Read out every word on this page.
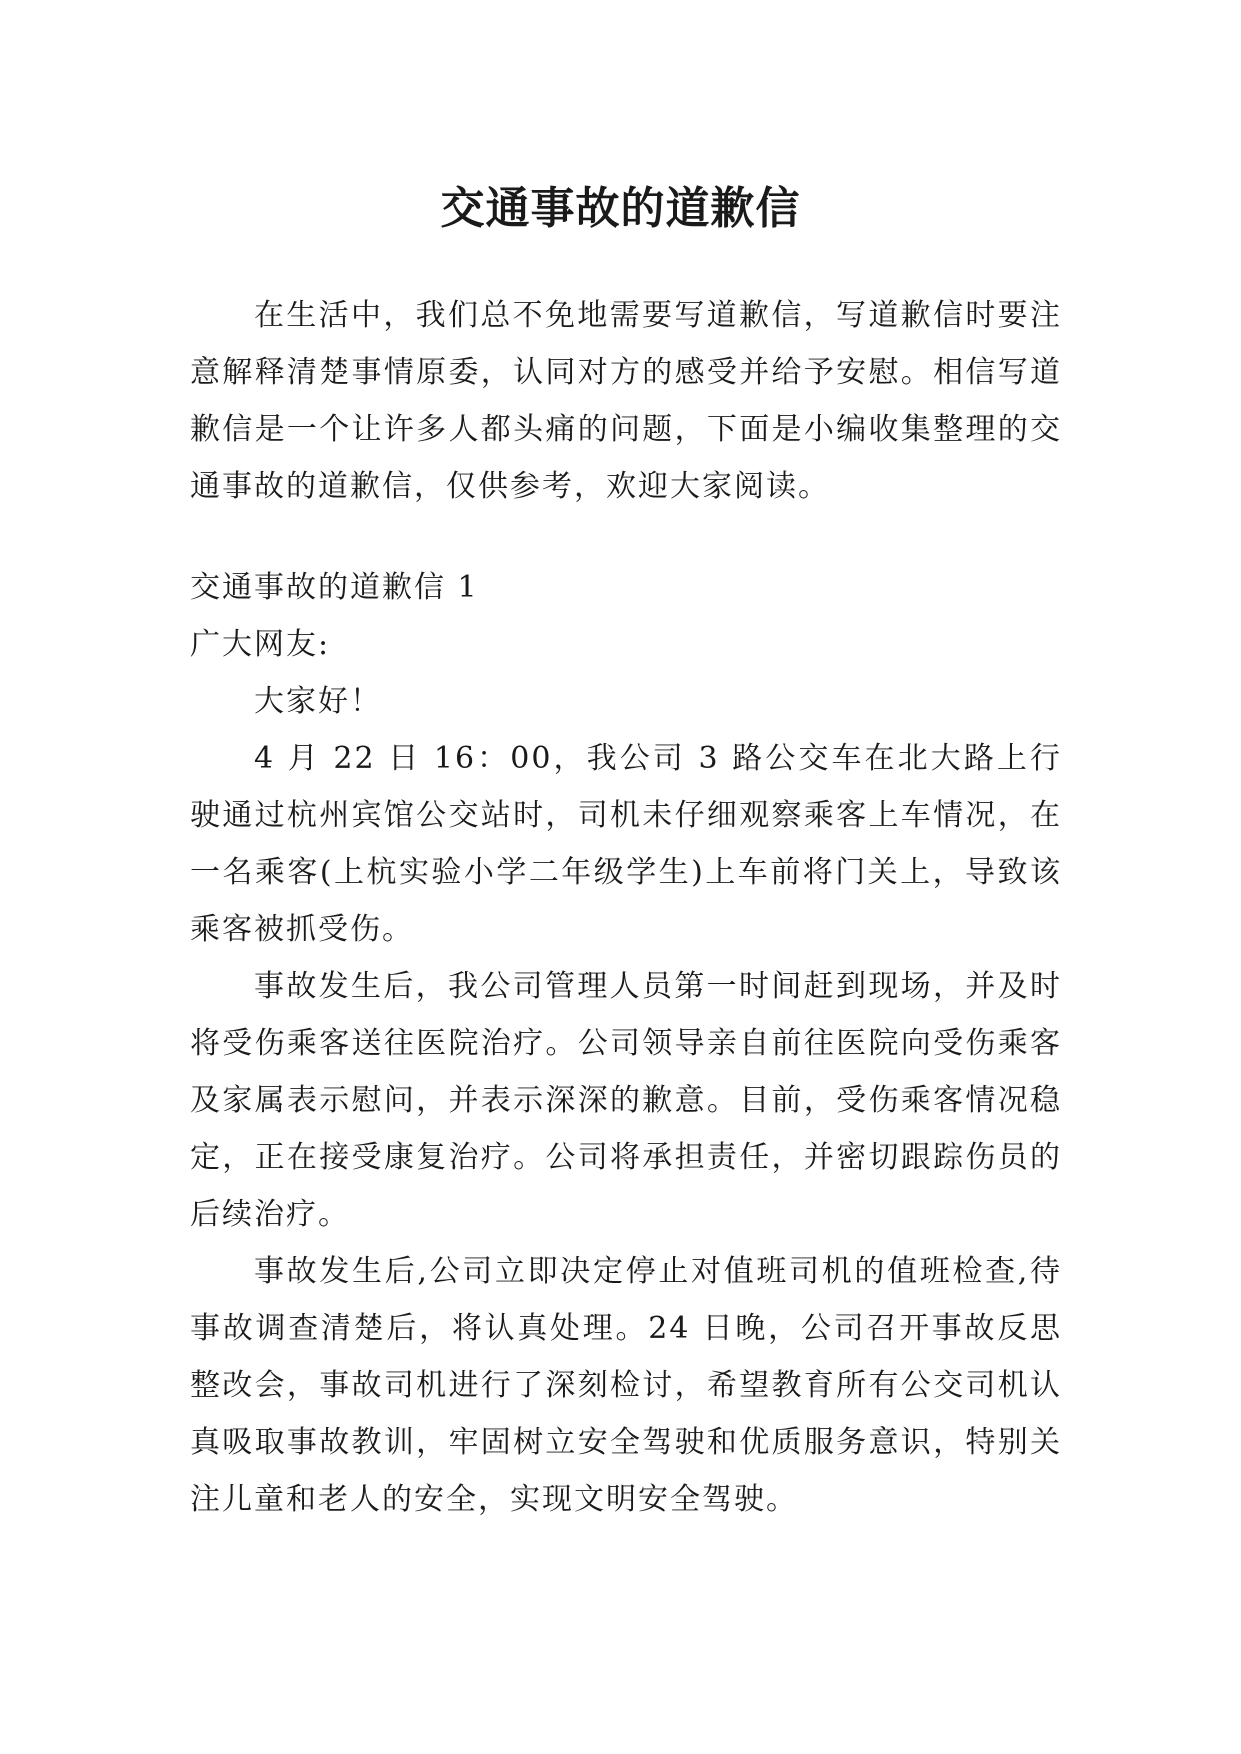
交通事故的道歉信

在生活中，我们总不免地需要写道歉信，写道歉信时要注意解释清楚事情原委，认同对方的感受并给予安慰。相信写道歉信是一个让许多人都头痛的问题，下面是小编收集整理的交通事故的道歉信，仅供参考，欢迎大家阅读。

交通事故的道歉信 1

广大网友:

大家好！

4 月 22 日 16：00，我公司 3 路公交车在北大路上行驶通过杭州宾馆公交站时，司机未仔细观察乘客上车情况，在一名乘客(上杭实验小学二年级学生)上车前将门关上，导致该乘客被抓受伤。

事故发生后，我公司管理人员第一时间赶到现场，并及时将受伤乘客送往医院治疗。公司领导亲自前往医院向受伤乘客及家属表示慰问，并表示深深的歉意。目前，受伤乘客情况稳定，正在接受康复治疗。公司将承担责任，并密切跟踪伤员的后续治疗。

事故发生后,公司立即决定停止对值班司机的值班检查,待事故调查清楚后，将认真处理。24 日晚，公司召开事故反思整改会，事故司机进行了深刻检讨，希望教育所有公交司机认真吸取事故教训，牢固树立安全驾驶和优质服务意识，特别关注儿童和老人的安全，实现文明安全驾驶。
